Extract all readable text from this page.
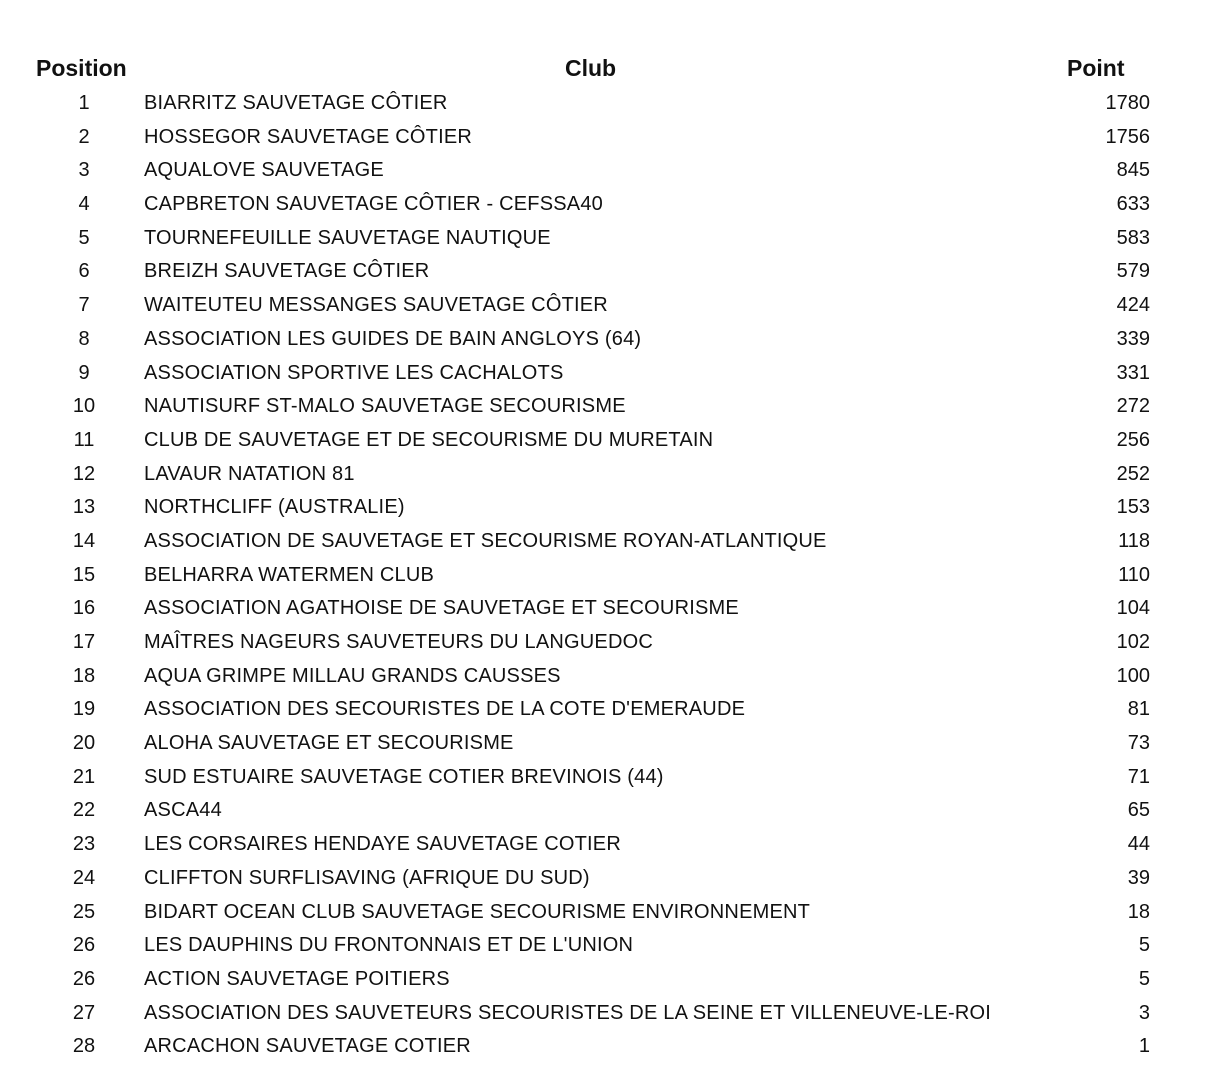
Position	Club	Point
1	BIARRITZ SAUVETAGE CÔTIER	1780
2	HOSSEGOR SAUVETAGE CÔTIER	1756
3	AQUALOVE SAUVETAGE	845
4	CAPBRETON SAUVETAGE CÔTIER - CEFSSA40	633
5	TOURNEFEUILLE SAUVETAGE NAUTIQUE	583
6	BREIZH SAUVETAGE CÔTIER	579
7	WAITEUTEU MESSANGES SAUVETAGE CÔTIER	424
8	ASSOCIATION LES GUIDES DE BAIN ANGLOYS (64)	339
9	ASSOCIATION SPORTIVE LES CACHALOTS	331
10	NAUTISURF ST-MALO SAUVETAGE SECOURISME	272
11	CLUB DE SAUVETAGE ET DE SECOURISME DU MURETAIN	256
12	LAVAUR NATATION 81	252
13	NORTHCLIFF (AUSTRALIE)	153
14	ASSOCIATION DE SAUVETAGE ET SECOURISME ROYAN-ATLANTIQUE	118
15	BELHARRA WATERMEN CLUB	110
16	ASSOCIATION AGATHOISE DE SAUVETAGE ET SECOURISME	104
17	MAÎTRES NAGEURS SAUVETEURS DU LANGUEDOC	102
18	AQUA GRIMPE MILLAU GRANDS CAUSSES	100
19	ASSOCIATION DES SECOURISTES DE LA COTE D'EMERAUDE	81
20	ALOHA SAUVETAGE ET SECOURISME	73
21	SUD ESTUAIRE SAUVETAGE COTIER BREVINOIS (44)	71
22	ASCA44	65
23	LES CORSAIRES HENDAYE SAUVETAGE COTIER	44
24	CLIFFTON SURFLISAVING (AFRIQUE DU SUD)	39
25	BIDART OCEAN CLUB SAUVETAGE SECOURISME ENVIRONNEMENT	18
26	LES DAUPHINS DU FRONTONNAIS ET DE L'UNION	5
26	ACTION SAUVETAGE POITIERS	5
27	ASSOCIATION DES SAUVETEURS SECOURISTES DE LA SEINE ET VILLENEUVE-LE-ROI	3
28	ARCACHON SAUVETAGE COTIER	1
